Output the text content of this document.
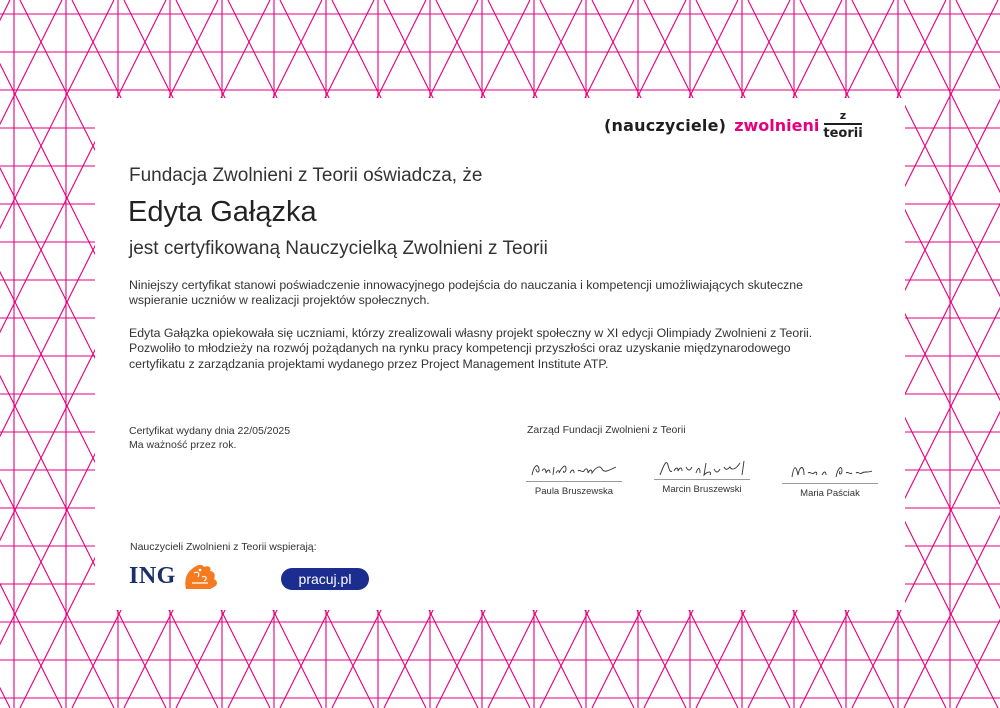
(nauczyciele) zwolnieni $\frac{z}{\text{teorii}}$
Fundacja Zwolnieni z Teorii oświadcza, że
Edyta Gałązka
jest certyfikowaną Nauczycielką Zwolnieni z Teorii
Niniejszy certyfikat stanowi poświadczenie innowacyjnego podejścia do nauczania i kompetencji umożliwiających skuteczne wspieranie uczniów w realizacji projektów społecznych.
Edyta Gałązka opiekowała się uczniami, którzy zrealizowali własny projekt społeczny w XI edycji Olimpiady Zwolnieni z Teorii. Pozwoliło to młodzieży na rozwój pożądanych na rynku pracy kompetencji przyszłości oraz uzyskanie międzynarodowego certyfikatu z zarządzania projektami wydanego przez Project Management Institute ATP.
Certyfikat wydany dnia 22/05/2025
Ma ważność przez rok.
Zarząd Fundacji Zwolnieni z Teorii
Paula Bruszewska	Marcin Bruszewski	Maria Paściak
Nauczycieli Zwolnieni z Teorii wspierają:
ING	pracuj.pl
